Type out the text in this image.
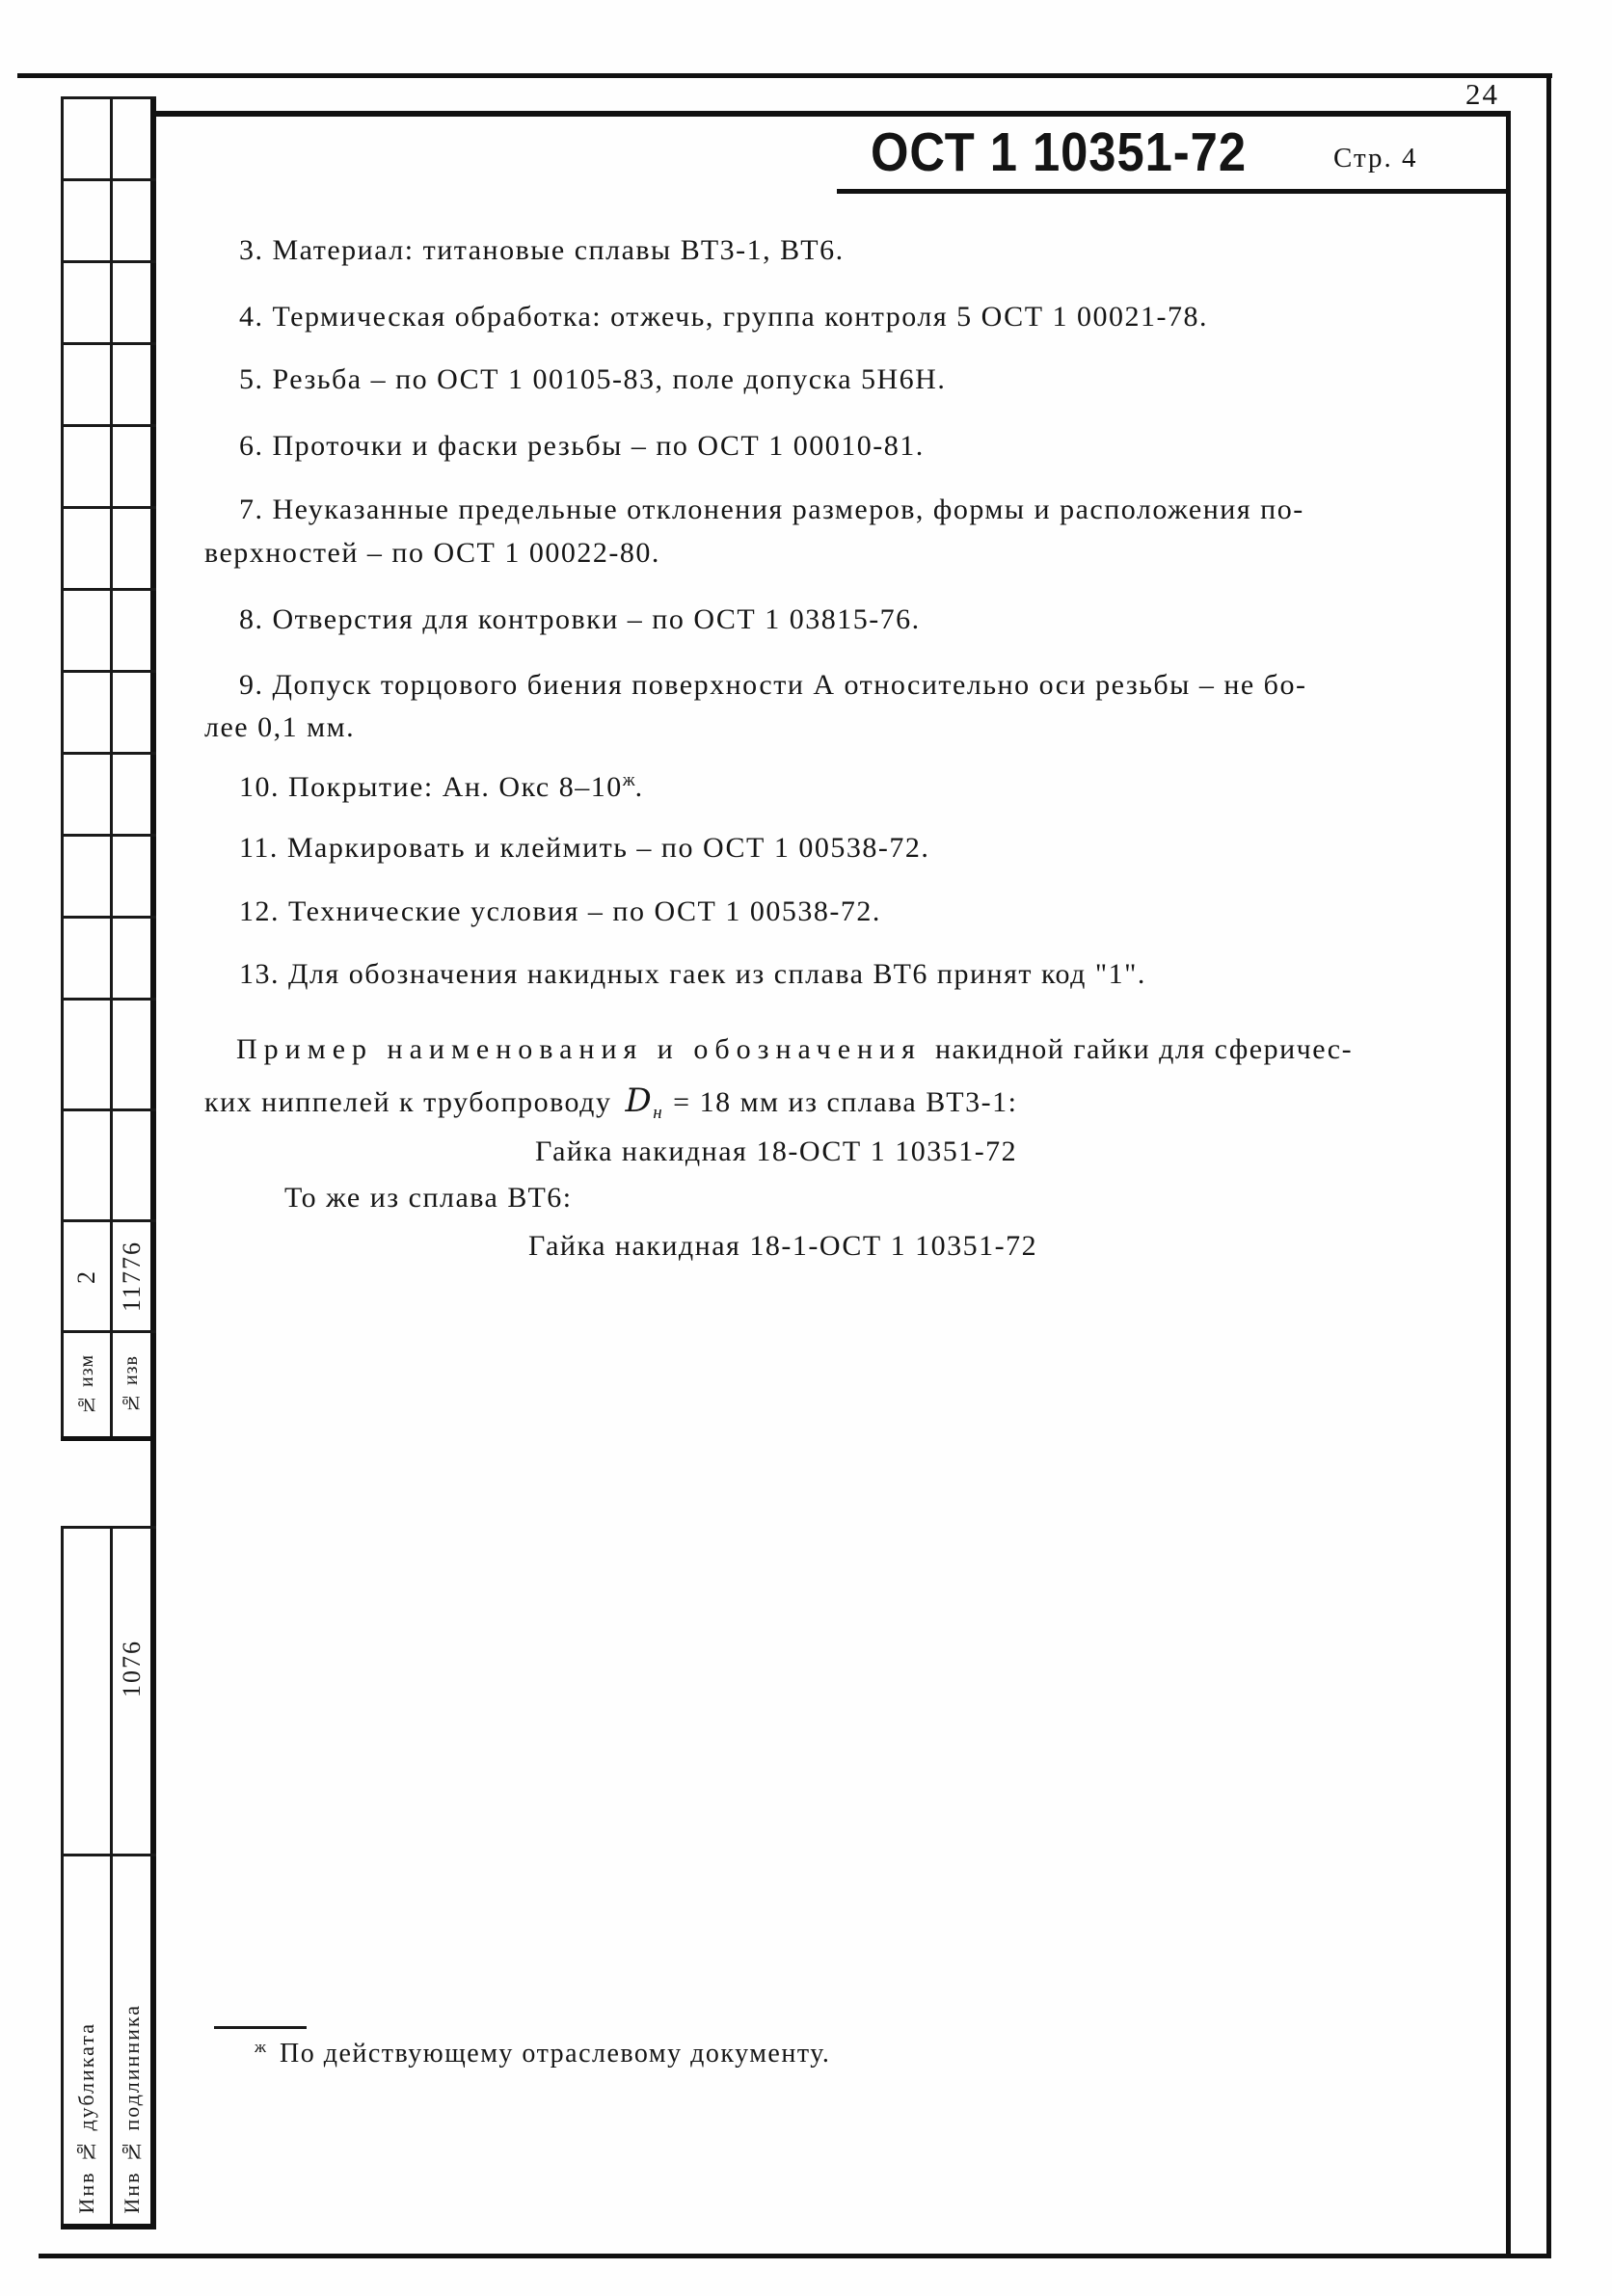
24
ОСТ 1 10351-72	Стр. 4
2 11776
№ изм № изв
1076
Инв № дубликата Инв № подлинника
3. Материал: титановые сплавы ВТ3-1, ВТ6.
4. Термическая обработка: отжечь, группа контроля 5 ОСТ 1 00021-78.
5. Резьба – по ОСТ 1 00105-83, поле допуска 5Н6Н.
6. Проточки и фаски резьбы – по ОСТ 1 00010-81.
7. Неуказанные предельные отклонения размеров, формы и расположения по-
верхностей – по ОСТ 1 00022-80.
8. Отверстия для контровки – по ОСТ 1 03815-76.
9. Допуск торцового биения поверхности А относительно оси резьбы – не бо-
лее 0,1 мм.
10. Покрытие: Ан. Окс 8–10$^ж$.
11. Маркировать и клеймить – по ОСТ 1 00538-72.
12. Технические условия – по ОСТ 1 00538-72.
13. Для обозначения накидных гаек из сплава ВТ6 принят код "1".
Пример наименования и обозначения накидной гайки для сферичес-
ких ниппелей к трубопроводу $D_н = 18$ мм из сплава ВТ3-1:
Гайка накидная 18-ОСТ 1 10351-72
То же из сплава ВТ6:
Гайка накидная 18-1-ОСТ 1 10351-72
$^ж$ По действующему отраслевому документу.
